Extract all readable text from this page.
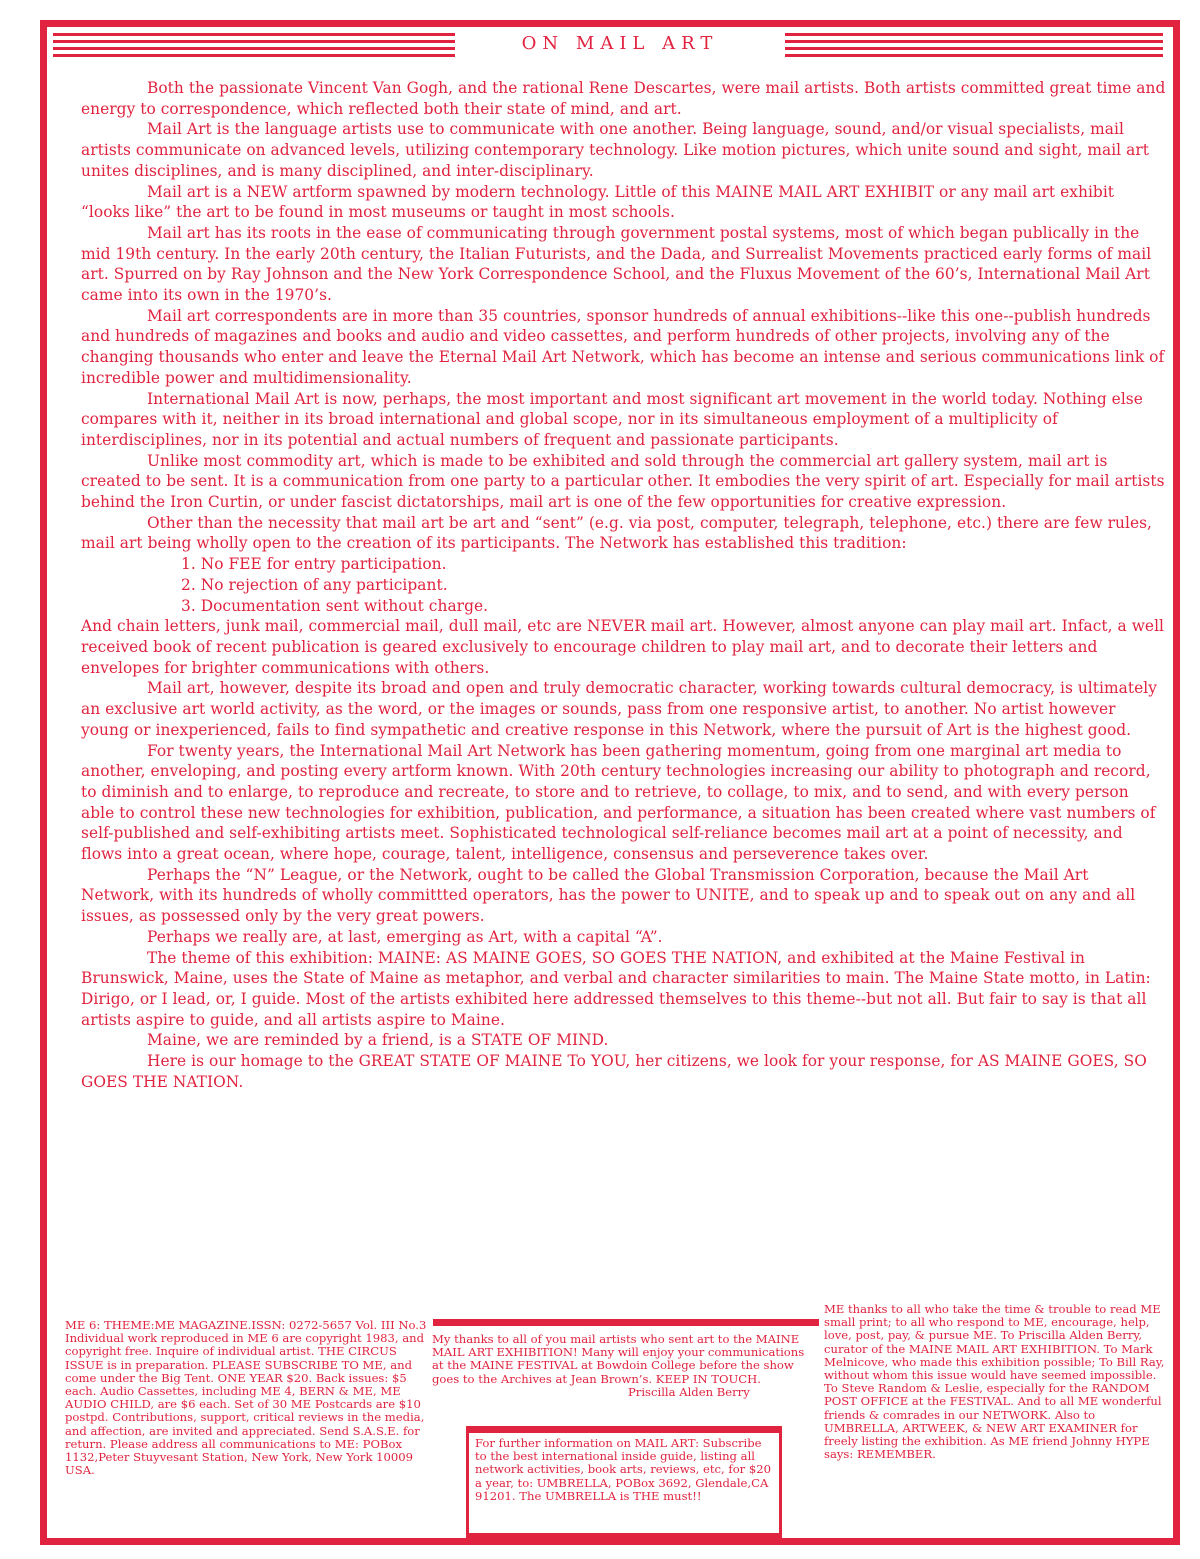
ON MAIL ART

Both the passionate Vincent Van Gogh, and the rational Rene Descartes, were mail artists. Both artists committed great time and energy to correspondence, which reflected both their state of mind, and art.

Mail Art is the language artists use to communicate with one another. Being language, sound, and/or visual specialists, mail artists communicate on advanced levels, utilizing contemporary technology. Like motion pictures, which unite sound and sight, mail art unites disciplines, and is many disciplined, and inter-disciplinary.

Mail art is a NEW artform spawned by modern technology. Little of this MAINE MAIL ART EXHIBIT or any mail art exhibit “looks like” the art to be found in most museums or taught in most schools.

Mail art has its roots in the ease of communicating through government postal systems, most of which began publically in the mid 19th century. In the early 20th century, the Italian Futurists, and the Dada, and Surrealist Movements practiced early forms of mail art. Spurred on by Ray Johnson and the New York Correspondence School, and the Fluxus Movement of the 60’s, International Mail Art came into its own in the 1970’s.

Mail art correspondents are in more than 35 countries, sponsor hundreds of annual exhibitions--like this one--publish hundreds and hundreds of magazines and books and audio and video cassettes, and perform hundreds of other projects, involving any of the changing thousands who enter and leave the Eternal Mail Art Network, which has become an intense and serious communications link of incredible power and multidimensionality.

International Mail Art is now, perhaps, the most important and most significant art movement in the world today. Nothing else compares with it, neither in its broad international and global scope, nor in its simultaneous employment of a multiplicity of interdisciplines, nor in its potential and actual numbers of frequent and passionate participants.

Unlike most commodity art, which is made to be exhibited and sold through the commercial art gallery system, mail art is created to be sent. It is a communication from one party to a particular other. It embodies the very spirit of art. Especially for mail artists behind the Iron Curtin, or under fascist dictatorships, mail art is one of the few opportunities for creative expression.

Other than the necessity that mail art be art and “sent” (e.g. via post, computer, telegraph, telephone, etc.) there are few rules, mail art being wholly open to the creation of its participants. The Network has established this tradition:

1. No FEE for entry participation.

2. No rejection of any participant.

3. Documentation sent without charge.

And chain letters, junk mail, commercial mail, dull mail, etc are NEVER mail art. However, almost anyone can play mail art. Infact, a well received book of recent publication is geared exclusively to encourage children to play mail art, and to decorate their letters and envelopes for brighter communications with others.

Mail art, however, despite its broad and open and truly democratic character, working towards cultural democracy, is ultimately an exclusive art world activity, as the word, or the images or sounds, pass from one responsive artist, to another. No artist however young or inexperienced, fails to find sympathetic and creative response in this Network, where the pursuit of Art is the highest good.

For twenty years, the International Mail Art Network has been gathering momentum, going from one marginal art media to another, enveloping, and posting every artform known. With 20th century technologies increasing our ability to photograph and record, to diminish and to enlarge, to reproduce and recreate, to store and to retrieve, to collage, to mix, and to send, and with every person able to control these new technologies for exhibition, publication, and performance, a situation has been created where vast numbers of self-published and self-exhibiting artists meet. Sophisticated technological self-reliance becomes mail art at a point of necessity, and flows into a great ocean, where hope, courage, talent, intelligence, consensus and perseverence takes over.

Perhaps the “N” League, or the Network, ought to be called the Global Transmission Corporation, because the Mail Art Network, with its hundreds of wholly committted operators, has the power to UNITE, and to speak up and to speak out on any and all issues, as possessed only by the very great powers.

Perhaps we really are, at last, emerging as Art, with a capital “A”.

The theme of this exhibition: MAINE: AS MAINE GOES, SO GOES THE NATION, and exhibited at the Maine Festival in Brunswick, Maine, uses the State of Maine as metaphor, and verbal and character similarities to main. The Maine State motto, in Latin: Dirigo, or I lead, or, I guide. Most of the artists exhibited here addressed themselves to this theme--but not all. But fair to say is that all artists aspire to guide, and all artists aspire to Maine.

Maine, we are reminded by a friend, is a STATE OF MIND.

Here is our homage to the GREAT STATE OF MAINE To YOU, her citizens, we look for your response, for AS MAINE GOES, SO GOES THE NATION.

ME 6: THEME:ME MAGAZINE.ISSN: 0272-5657 Vol. III No.3 Individual work reproduced in ME 6 are copyright 1983, and copyright free. Inquire of individual artist. THE CIRCUS ISSUE is in preparation. PLEASE SUBSCRIBE TO ME, and come under the Big Tent. ONE YEAR $20. Back issues: $5 each. Audio Cassettes, including ME 4, BERN & ME, ME AUDIO CHILD, are $6 each. Set of 30 ME Postcards are $10 postpd. Contributions, support, critical reviews in the media, and affection, are invited and appreciated. Send S.A.S.E. for return. Please address all communications to ME: POBox 1132,Peter Stuyvesant Station, New York, New York 10009 USA.
My thanks to all of you mail artists who sent art to the MAINE MAIL ART EXHIBITION! Many will enjoy your communications at the MAINE FESTIVAL at Bowdoin College before the show goes to the Archives at Jean Brown’s. KEEP IN TOUCH.
Priscilla Alden Berry
For further information on MAIL ART: Subscribe to the best international inside guide, listing all network activities, book arts, reviews, etc, for $20 a year, to: UMBRELLA, POBox 3692, Glendale,CA 91201. The UMBRELLA is THE must!!
ME thanks to all who take the time & trouble to read ME small print; to all who respond to ME, encourage, help, love, post, pay, & pursue ME. To Priscilla Alden Berry, curator of the MAINE MAIL ART EXHIBITION. To Mark Melnicove, who made this exhibition possible; To Bill Ray, without whom this issue would have seemed impossible. To Steve Random & Leslie, especially for the RANDOM POST OFFICE at the FESTIVAL. And to all ME wonderful friends & comrades in our NETWORK. Also to UMBRELLA, ARTWEEK, & NEW ART EXAMINER for freely listing the exhibition. As ME friend Johnny HYPE says: REMEMBER.
